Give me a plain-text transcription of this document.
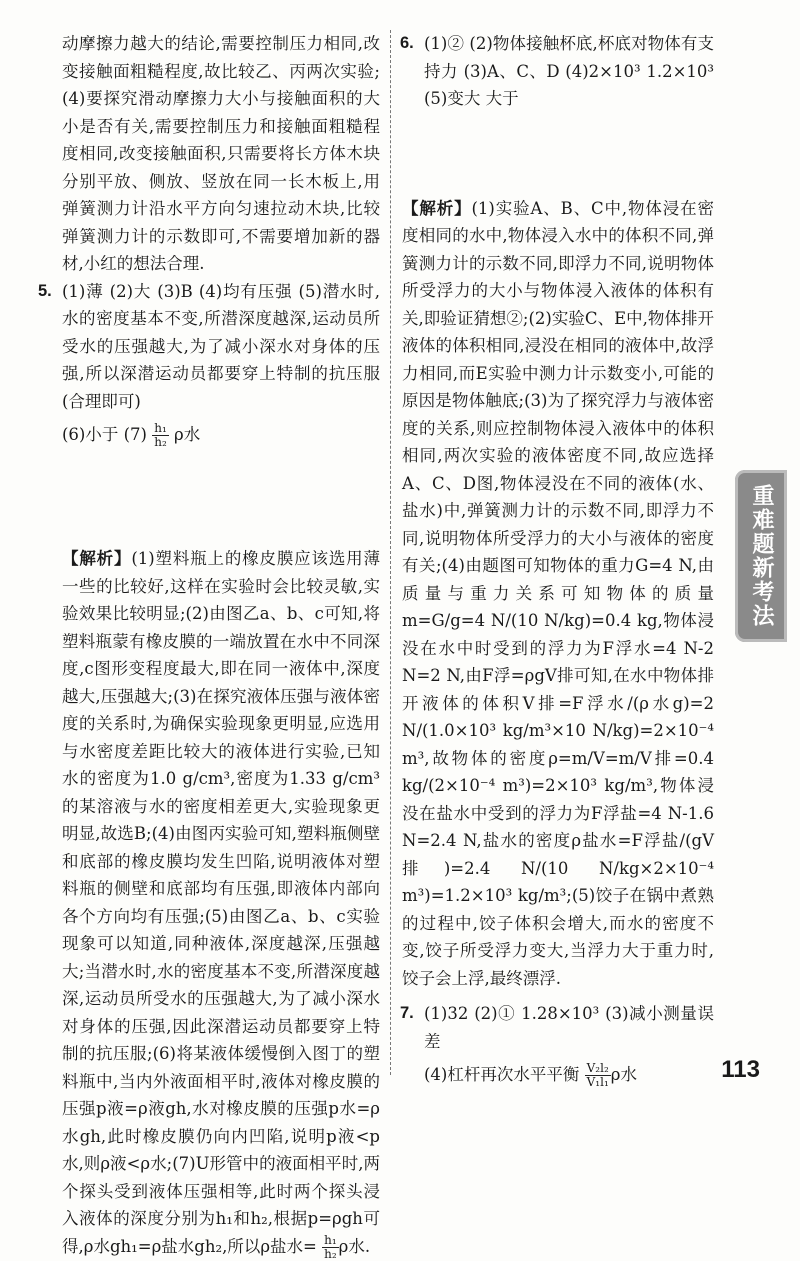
动摩擦力越大的结论,需要控制压力相同,改变接触面粗糙程度,故比较乙、丙两次实验;(4)要探究滑动摩擦力大小与接触面积的大小是否有关,需要控制压力和接触面粗糙程度相同,改变接触面积,只需要将长方体木块分别平放、侧放、竖放在同一长木板上,用弹簧测力计沿水平方向匀速拉动木块,比较弹簧测力计的示数即可,不需要增加新的器材,小红的想法合理.

5. (1)薄 (2)大 (3)B (4)均有压强 (5)潜水时,水的密度基本不变,所潜深度越深,运动员所受水的压强越大,为了减小深水对身体的压强,所以深潜运动员都要穿上特制的抗压服(合理即可)

(6)小于 $(7) \frac{\text{h₁}}{\text{h₂}}$ ρ水

【解析】(1)塑料瓶上的橡皮膜应该选用薄一些的比较好,这样在实验时会比较灵敏,实验效果比较明显;(2)由图乙a、b、c可知,将塑料瓶蒙有橡皮膜的一端放置在水中不同深度,c图形变程度最大,即在同一液体中,深度越大,压强越大;(3)在探究液体压强与液体密度的关系时,为确保实验现象更明显,应选用与水密度差距比较大的液体进行实验,已知水的密度为1.0 g/cm³,密度为1.33 g/cm³的某溶液与水的密度相差更大,实验现象更明显,故选B;(4)由图丙实验可知,塑料瓶侧壁和底部的橡皮膜均发生凹陷,说明液体对塑料瓶的侧壁和底部均有压强,即液体内部向各个方向均有压强;(5)由图乙a、b、c实验现象可以知道,同种液体,深度越深,压强越大;当潜水时,水的密度基本不变,所潜深度越深,运动员所受水的压强越大,为了减小深水对身体的压强,因此深潜运动员都要穿上特制的抗压服;(6)将某液体缓慢倒入图丁的塑料瓶中,当内外液面相平时,液体对橡皮膜的压强p液=ρ液gh,水对橡皮膜的压强p水=ρ水gh,此时橡皮膜仍向内凹陷,说明p液<p水,则ρ液<ρ水;(7)U形管中的液面相平时,两个探头受到液体压强相等,此时两个探头浸入液体的深度分别为h₁和h₂,根据p=ρgh可得,ρ水gh₁=ρ盐水gh₂,所以ρ盐水= $\frac{\text{h₁}}{\text{h₂}}$ ρ水.

6. (1)② (2)物体接触杯底,杯底对物体有支持力 (3)A、C、D (4)2×10³ 1.2×10³ (5)变大 大于

【解析】(1)实验A、B、C中,物体浸在密度相同的水中,物体浸入水中的体积不同,弹簧测力计的示数不同,即浮力不同,说明物体所受浮力的大小与物体浸入液体的体积有关,即验证猜想②;(2)实验C、E中,物体排开液体的体积相同,浸没在相同的液体中,故浮力相同,而E实验中测力计示数变小,可能的原因是物体触底;(3)为了探究浮力与液体密度的关系,则应控制物体浸入液体中的体积相同,两次实验的液体密度不同,故应选择A、C、D图,物体浸没在不同的液体(水、盐水)中,弹簧测力计的示数不同,即浮力不同,说明物体所受浮力的大小与液体的密度有关;(4)由题图可知物体的重力G=4 N,由质量与重力关系可知物体的质量m=G/g=4 N/(10 N/kg)=0.4 kg,物体浸没在水中时受到的浮力为F浮水=4 N-2 N=2 N,由F浮=ρgV排可知,在水中物体排开液体的体积V排=F浮水/(ρ水g)=2 N/(1.0×10³ kg/m³×10 N/kg)=2×10⁻⁴ m³,故物体的密度ρ=m/V=m/V排=0.4 kg/(2×10⁻⁴ m³)=2×10³ kg/m³,物体浸没在盐水中受到的浮力为F浮盐=4 N-1.6 N=2.4 N,盐水的密度ρ盐水=F浮盐/(gV排)=2.4 N/(10 N/kg×2×10⁻⁴ m³)=1.2×10³ kg/m³;(5)饺子在锅中煮熟的过程中,饺子体积会增大,而水的密度不变,饺子所受浮力变大,当浮力大于重力时,饺子会上浮,最终漂浮.

7. (1)32 (2)① 1.28×10³ (3)减小测量误差

(4)杠杆再次水平平衡 $\frac{\text{V₂l₂}}{\text{V₁l₁}}$ ρ水

重难题新考法
113
